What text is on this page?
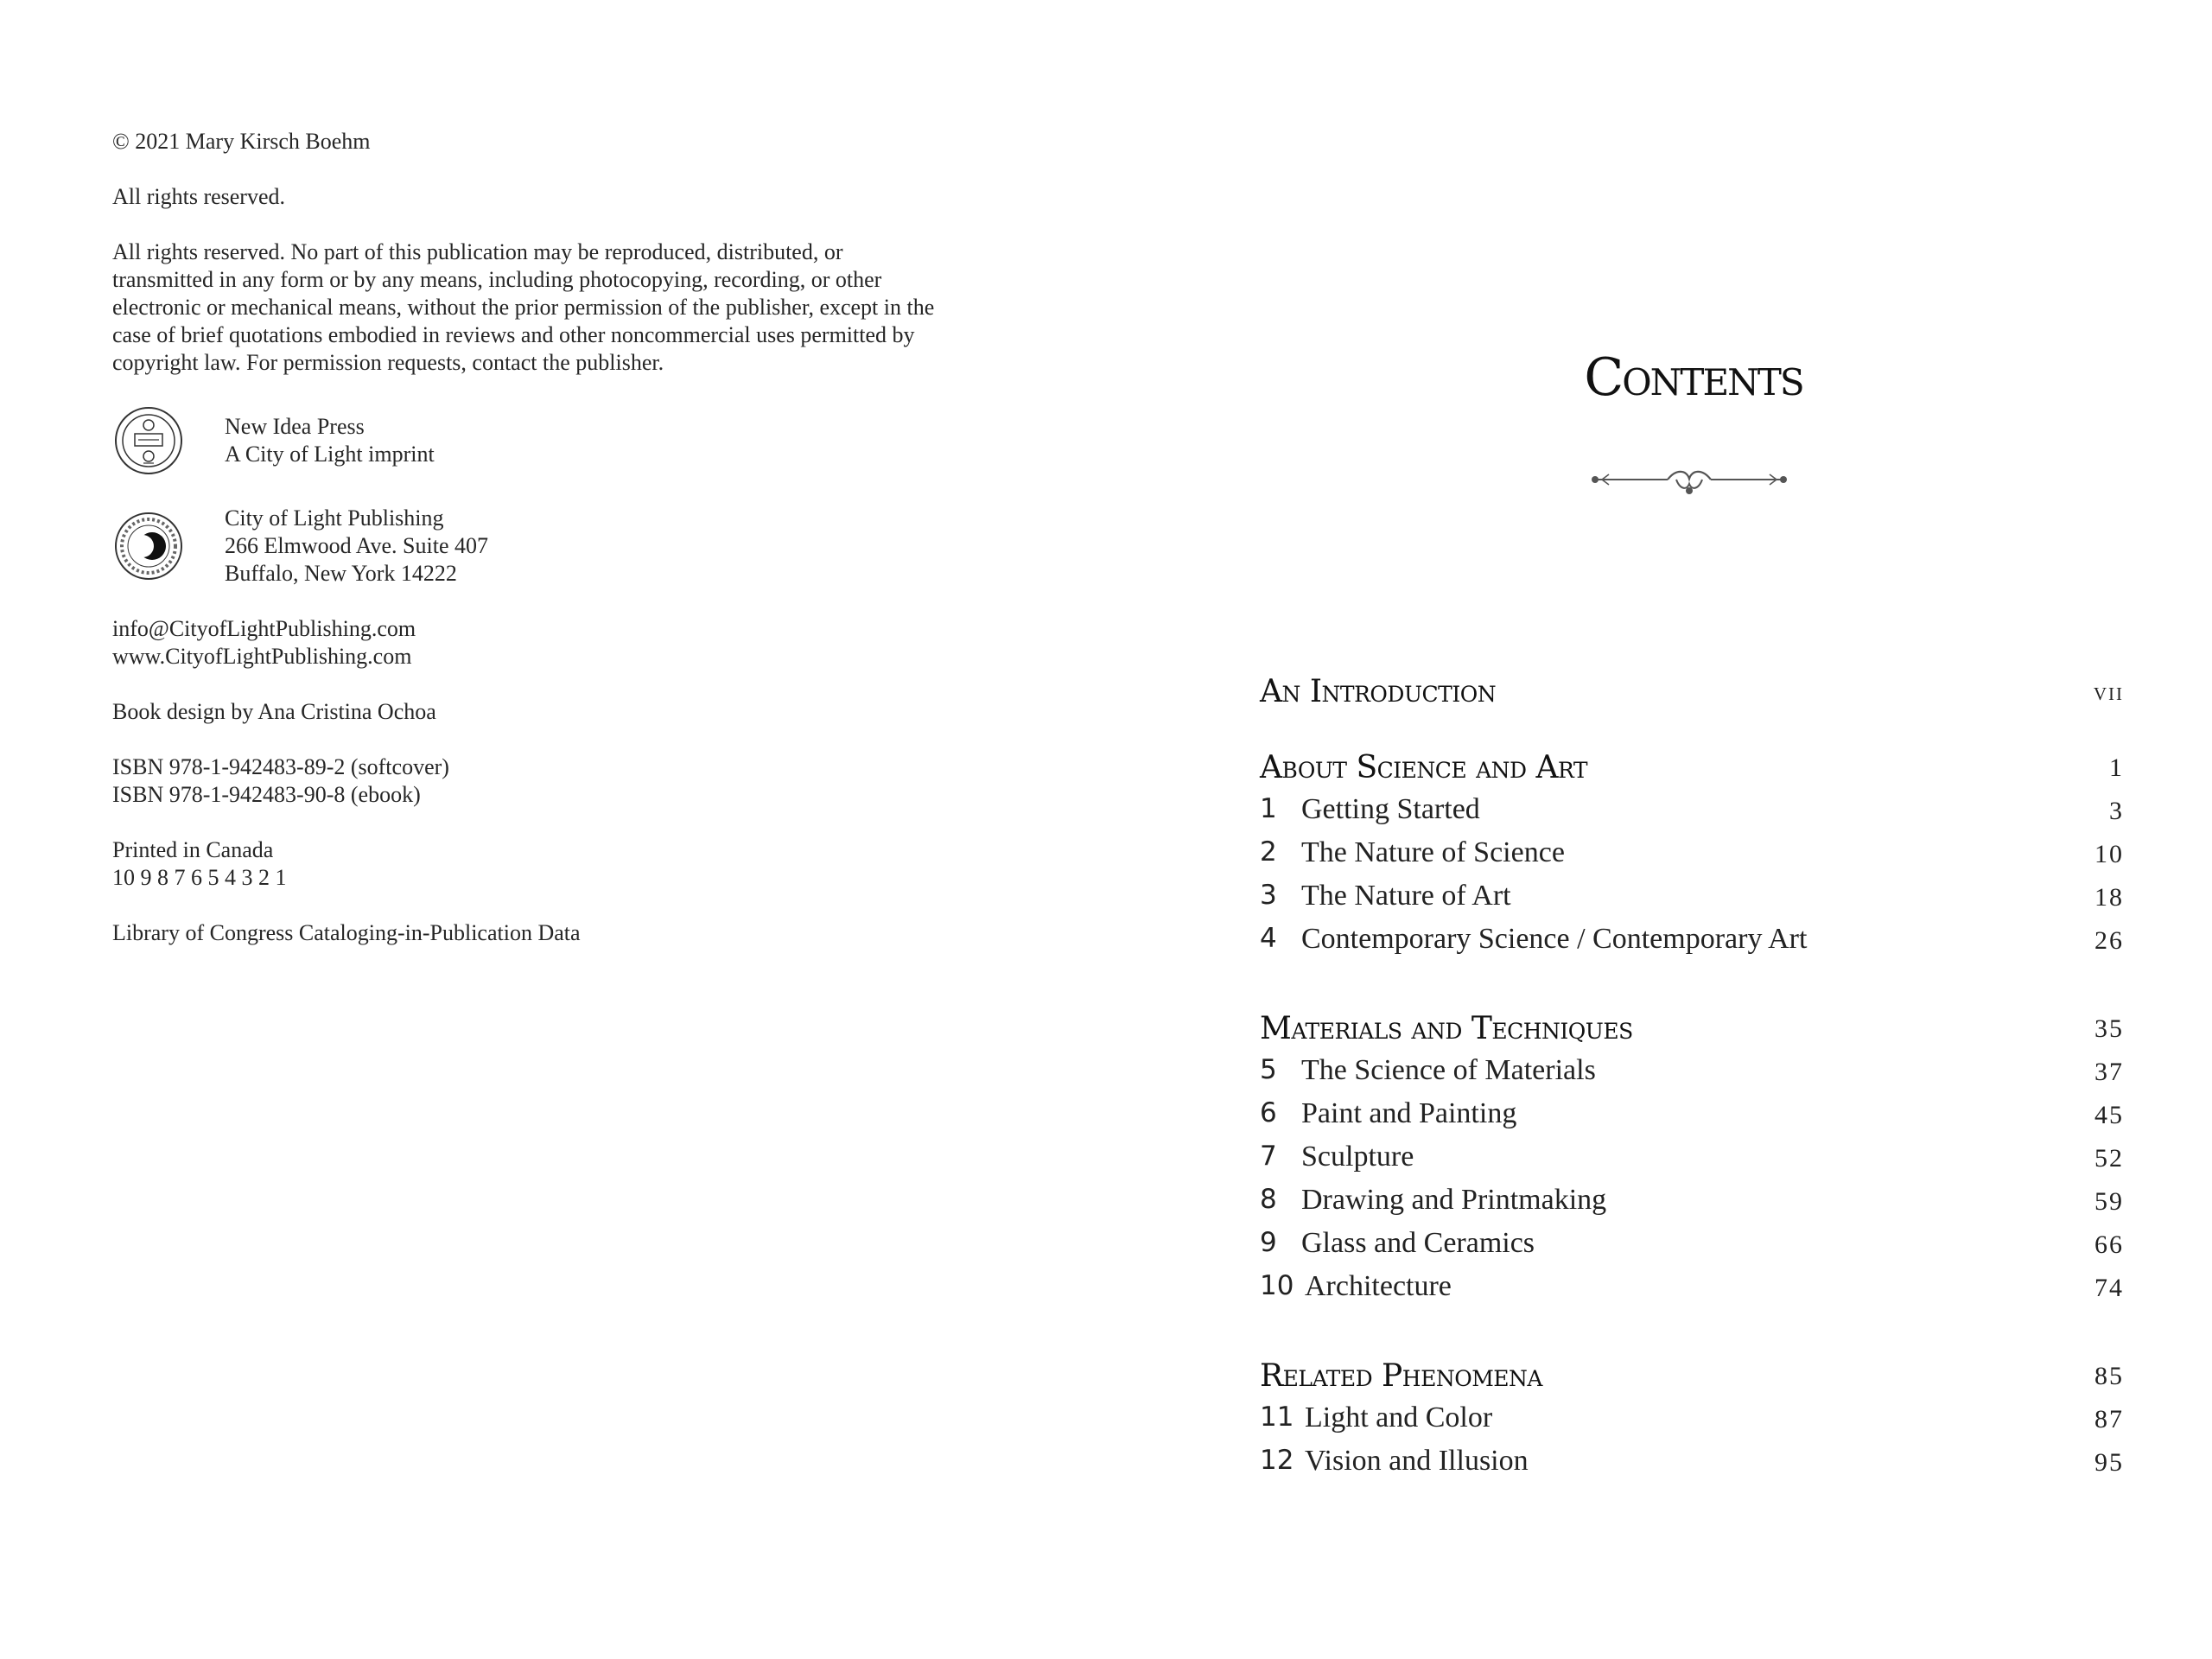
© 2021 Mary Kirsch Boehm

All rights reserved.

All rights reserved. No part of this publication may be reproduced, distributed, or
transmitted in any form or by any means, including photocopying, recording, or other
electronic or mechanical means, without the prior permission of the publisher, except in the
case of brief quotations embodied in reviews and other noncommercial uses permitted by
copyright law. For permission requests, contact the publisher.
New Idea Press
A City of Light imprint
City of Light Publishing
266 Elmwood Ave. Suite 407
Buffalo, New York 14222
info@CityofLightPublishing.com
www.CityofLightPublishing.com

Book design by Ana Cristina Ochoa

ISBN 978-1-942483-89-2 (softcover)
ISBN 978-1-942483-90-8 (ebook)
Printed in Canada
10 9 8 7 6 5 4 3 2 1

Library of Congress Cataloging-in-Publication Data

Contents
An Introduction	vii
About Science and Art	1
1 Getting Started	3
2 The Nature of Science	10
3 The Nature of Art	18
4 Contemporary Science / Contemporary Art	26
Materials and Techniques	35
5 The Science of Materials	37
6 Paint and Painting	45
7 Sculpture	52
8 Drawing and Printmaking	59
9 Glass and Ceramics	66
10 Architecture	74
Related Phenomena	85
11 Light and Color	87
12 Vision and Illusion	95
